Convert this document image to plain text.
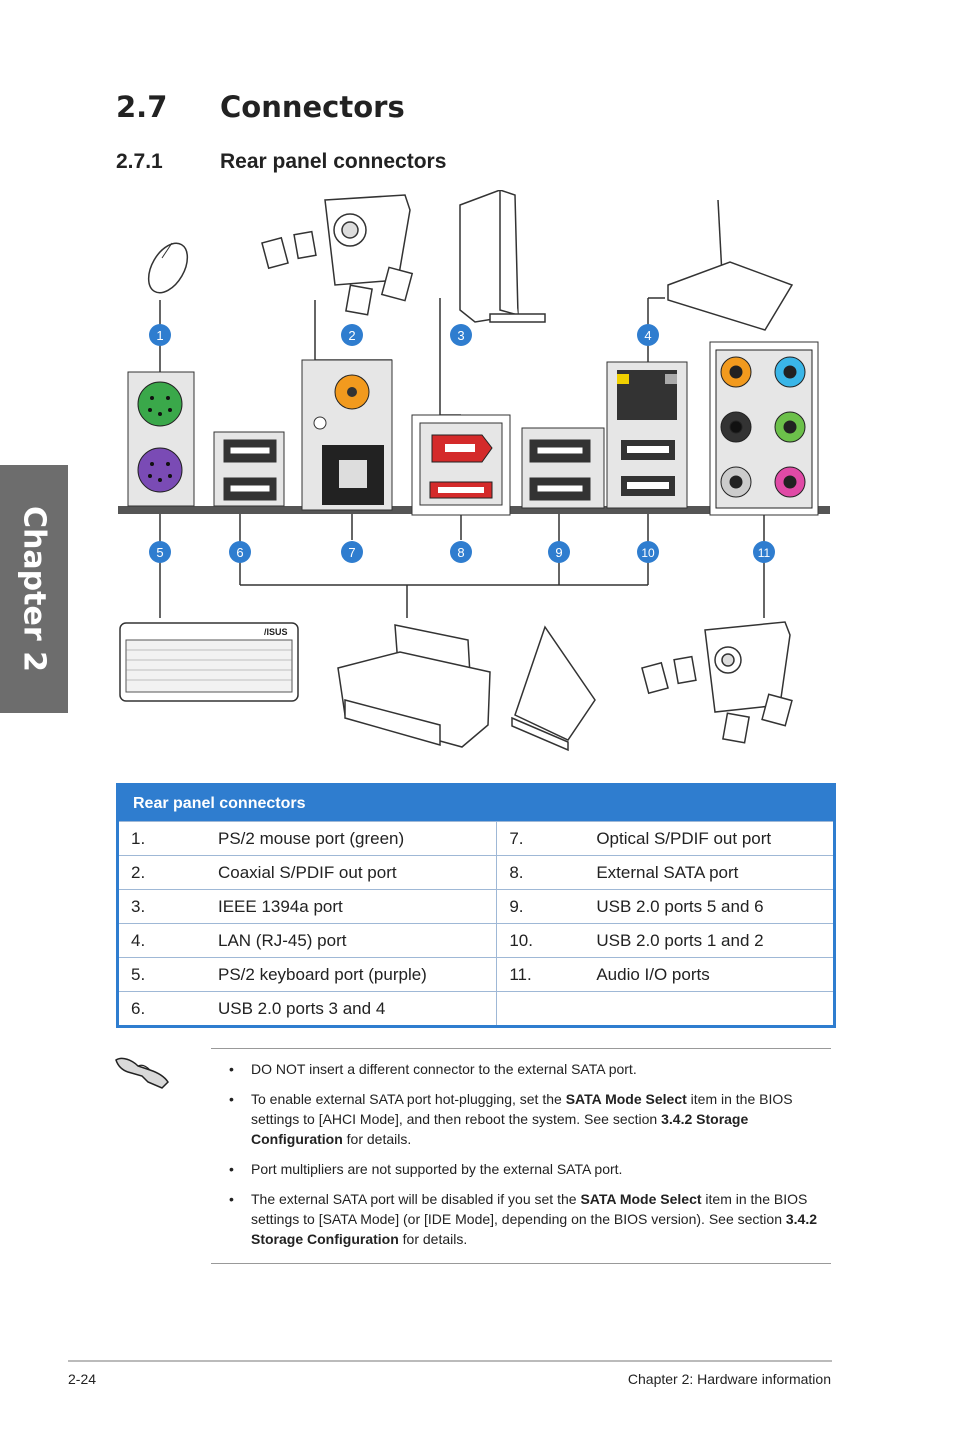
Chapter 2
2.7 Connectors
2.7.1	Rear panel connectors
1	2	3	4
5	6	7	8	9	10	11
/ISUS
Rear panel connectors	
1. PS/2 mouse port (green)	7. Optical S/PDIF out port
2. Coaxial S/PDIF out port	8. External SATA port
3. IEEE 1394a port	9. USB 2.0 ports 5 and 6
4. LAN (RJ-45) port	10. USB 2.0 ports 1 and 2
5. PS/2 keyboard port (purple)	11. Audio I/O ports
6. USB 2.0 ports 3 and 4	
• DO NOT insert a different connector to the external SATA port.
• To enable external SATA port hot-plugging, set the SATA Mode Select item in the BIOS settings to [AHCI Mode], and then reboot the system. See section 3.4.2 Storage Configuration for details.
• Port multipliers are not supported by the external SATA port.
• The external SATA port will be disabled if you set the SATA Mode Select item in the BIOS settings to [SATA Mode] (or [IDE Mode], depending on the BIOS version). See section 3.4.2 Storage Configuration for details.
2-24	Chapter 2: Hardware information
